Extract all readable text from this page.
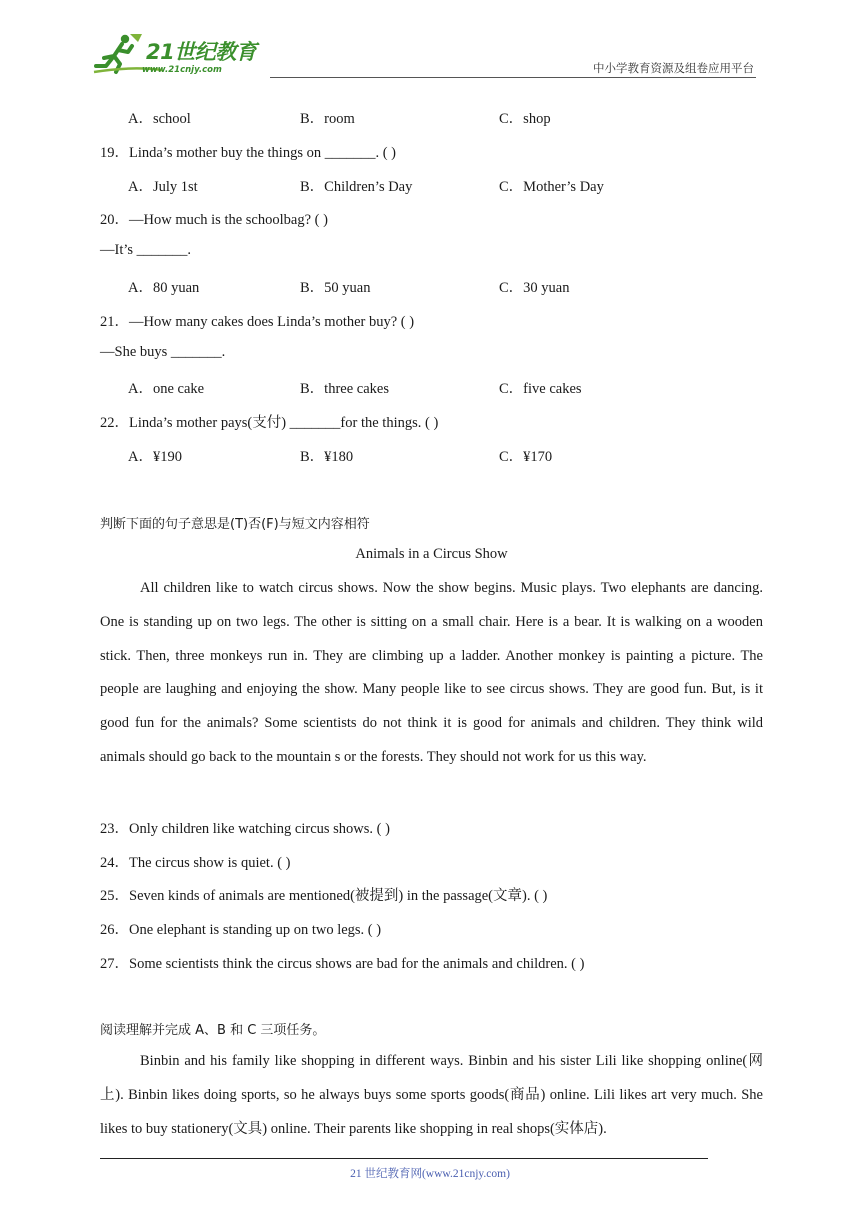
21世纪教育
www.21cnjy.com	中小学教育资源及组卷应用平台
A．school	B．room	C．shop
19．Linda’s mother buy the things on _______. ( )
A．July 1st	B．Children’s Day	C．Mother’s Day
20．—How much is the schoolbag? ( )
—It’s _______.
A．80 yuan	B．50 yuan	C．30 yuan
21．—How many cakes does Linda’s mother buy? ( )
—She buys _______.
A．one cake	B．three cakes	C．five cakes
22．Linda’s mother pays(支付) _______for the things. ( )
A．¥190	B．¥180	C．¥170
判断下面的句子意思是(T)否(F)与短文内容相符
Animals in a Circus Show
All children like to watch circus shows. Now the show begins. Music plays. Two elephants are dancing. One is standing up on two legs. The other is sitting on a small chair. Here is a bear. It is walking on a wooden stick. Then, three monkeys run in. They are climbing up a ladder. Another monkey is painting a picture. The people are laughing and enjoying the show. Many people like to see circus shows. They are good fun. But, is it good fun for the animals? Some scientists do not think it is good for animals and children. They think wild animals should go back to the mountain s or the forests. They should not work for us this way.
23．Only children like watching circus shows. ( )
24．The circus show is quiet. ( )
25．Seven kinds of animals are mentioned(被提到) in the passage(文章). ( )
26．One elephant is standing up on two legs. ( )
27．Some scientists think the circus shows are bad for the animals and children. ( )
阅读理解并完成 A、B 和 C 三项任务。
Binbin and his family like shopping in different ways. Binbin and his sister Lili like shopping online(网上). Binbin likes doing sports, so he always buys some sports goods(商品) online. Lili likes art very much. She likes to buy stationery(文具) online. Their parents like shopping in real shops(实体店).
21 世纪教育网(www.21cnjy.com)
